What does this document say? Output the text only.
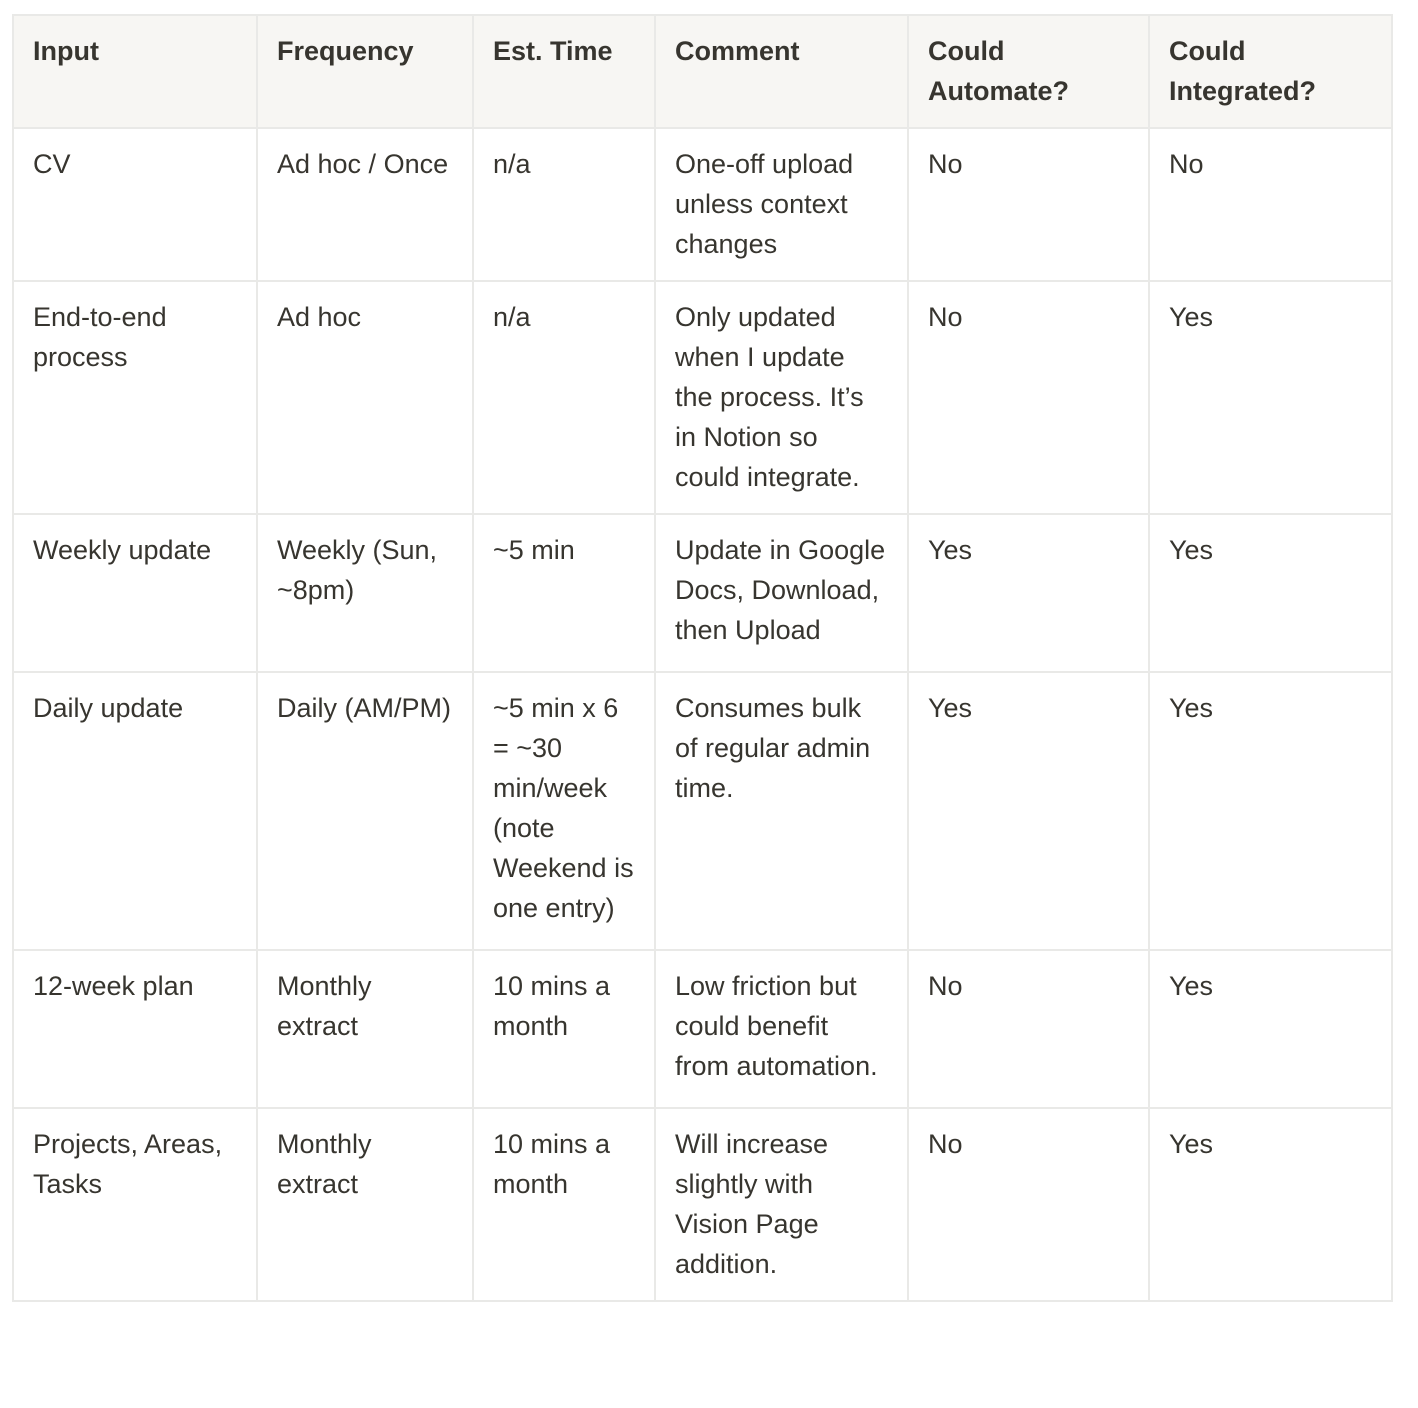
Input	Frequency	Est. Time	Comment	Could Automate?	Could Integrated?
CV	Ad hoc / Once	n/a	One-off upload unless context changes	No	No
End-to-end process	Ad hoc	n/a	Only updated when I update the process. It’s in Notion so could integrate.	No	Yes
Weekly update	Weekly (Sun, ~8pm)	~5 min	Update in Google Docs, Download, then Upload	Yes	Yes
Daily update	Daily (AM/PM)	~5 min x 6 = ~30 min/week (note Weekend is one entry)	Consumes bulk of regular admin time.	Yes	Yes
12-week plan	Monthly extract	10 mins a month	Low friction but could benefit from automation.	No	Yes
Projects, Areas, Tasks	Monthly extract	10 mins a month	Will increase slightly with Vision Page addition.	No	Yes
